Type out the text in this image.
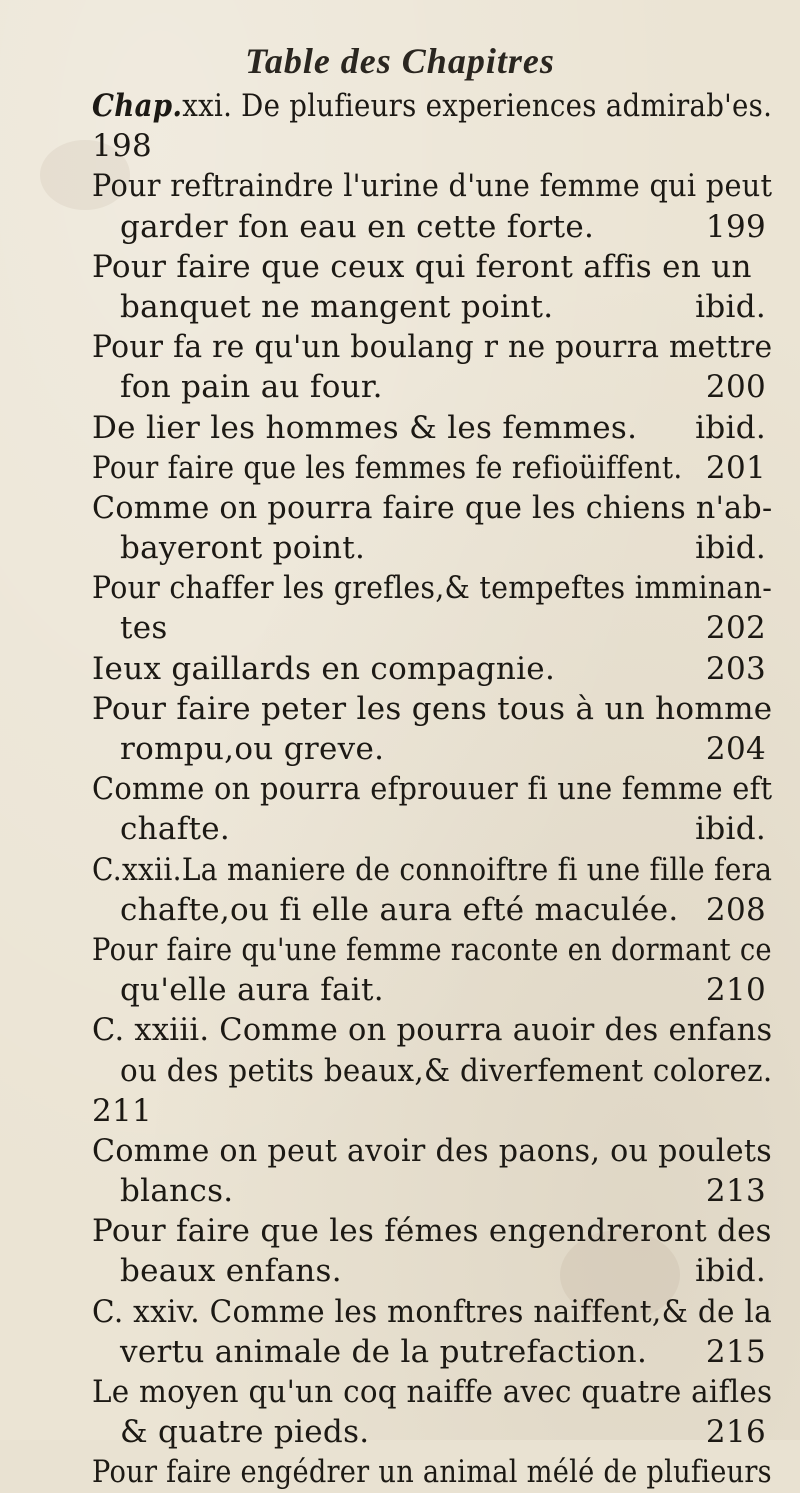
Table des Chapitres
Chap.xxi. De plufieurs experiences admirab'es.
198
Pour reftraindre l'urine d'une femme qui peut
garder fon eau en cette forte.	199
Pour faire que ceux qui feront affis en un
banquet ne mangent point.	ibid.
Pour fa re qu'un boulang r ne pourra mettre
fon pain au four.	200
De lier les hommes & les femmes. ibid.
Pour faire que les femmes fe refioüiffent. 201
Comme on pourra faire que les chiens n'ab-
bayeront point.	ibid.
Pour chaffer les grefles,& tempeftes imminan-
tes	202
Ieux gaillards en compagnie.	203
Pour faire peter les gens tous à un homme
rompu,ou greve.	204
Comme on pourra efprouuer fi une femme eft
chafte.	ibid.
C.xxii.La maniere de connoiftre fi une fille fera
chafte,ou fi elle aura efté maculée. 208
Pour faire qu'une femme raconte en dormant ce
qu'elle aura fait.	210
C. xxiii. Comme on pourra auoir des enfans
ou des petits beaux,& diverfement colorez.
211
Comme on peut avoir des paons, ou poulets
blancs.	213
Pour faire que les fémes engendreront des
beaux enfans.	ibid.
C. xxiv. Comme les monftres naiffent,& de la
vertu animale de la putrefaction. 215
Le moyen qu'un coq naiffe avec quatre aifles
& quatre pieds.	216
Pour faire engédrer un animal mélé de plufieurs
